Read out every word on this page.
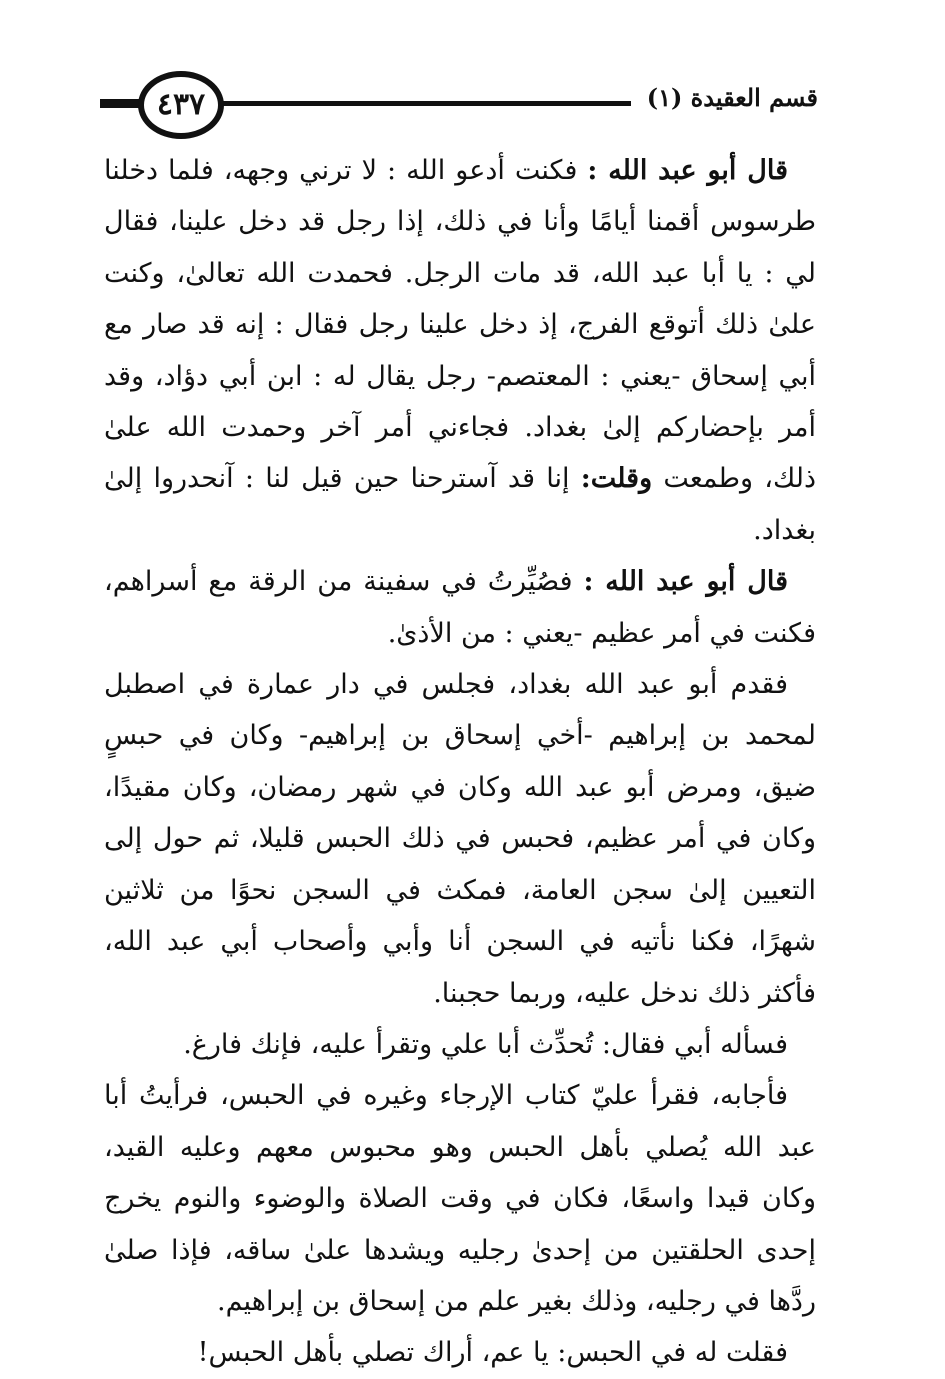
٤٣٧	قسم العقيدة (١)

قال أبو عبد الله : فكنت أدعو الله : لا ترني وجهه، فلما دخلنا طرسوس أقمنا أيامًا وأنا في ذلك، إذا رجل قد دخل علينا، فقال لي : يا أبا عبد الله، قد مات الرجل. فحمدت الله تعالىٰ، وكنت علىٰ ذلك أتوقع الفرج، إذ دخل علينا رجل فقال : إنه قد صار مع أبي إسحاق -يعني : المعتصم- رجل يقال له : ابن أبي دؤاد، وقد أمر بإحضاركم إلىٰ بغداد. فجاءني أمر آخر وحمدت الله علىٰ ذلك، وطمعت وقلت: إنا قد آسترحنا حين قيل لنا : آنحدروا إلىٰ بغداد.

قال أبو عبد الله : فصُيِّرتُ في سفينة من الرقة مع أسراهم، فكنت في أمر عظيم -يعني : من الأذىٰ.

فقدم أبو عبد الله بغداد، فجلس في دار عمارة في اصطبل لمحمد بن إبراهيم -أخي إسحاق بن إبراهيم- وكان في حبسٍ ضيق، ومرض أبو عبد الله وكان في شهر رمضان، وكان مقيدًا، وكان في أمر عظيم، فحبس في ذلك الحبس قليلا، ثم حول إلى التعيين إلىٰ سجن العامة، فمكث في السجن نحوًا من ثلاثين شهرًا، فكنا نأتيه في السجن أنا وأبي وأصحاب أبي عبد الله، فأكثر ذلك ندخل عليه، وربما حجبنا.

فسأله أبي فقال: تُحدِّث أبا علي وتقرأ عليه، فإنك فارغ.

فأجابه، فقرأ عليّ كتاب الإرجاء وغيره في الحبس، فرأيتُ أبا عبد الله يُصلي بأهل الحبس وهو محبوس معهم وعليه القيد، وكان قيدا واسعًا، فكان في وقت الصلاة والوضوء والنوم يخرج إحدى الحلقتين من إحدىٰ رجليه ويشدها علىٰ ساقه، فإذا صلىٰ ردَّها في رجليه، وذلك بغير علم من إسحاق بن إبراهيم.

فقلت له في الحبس: يا عم، أراك تصلي بأهل الحبس!
